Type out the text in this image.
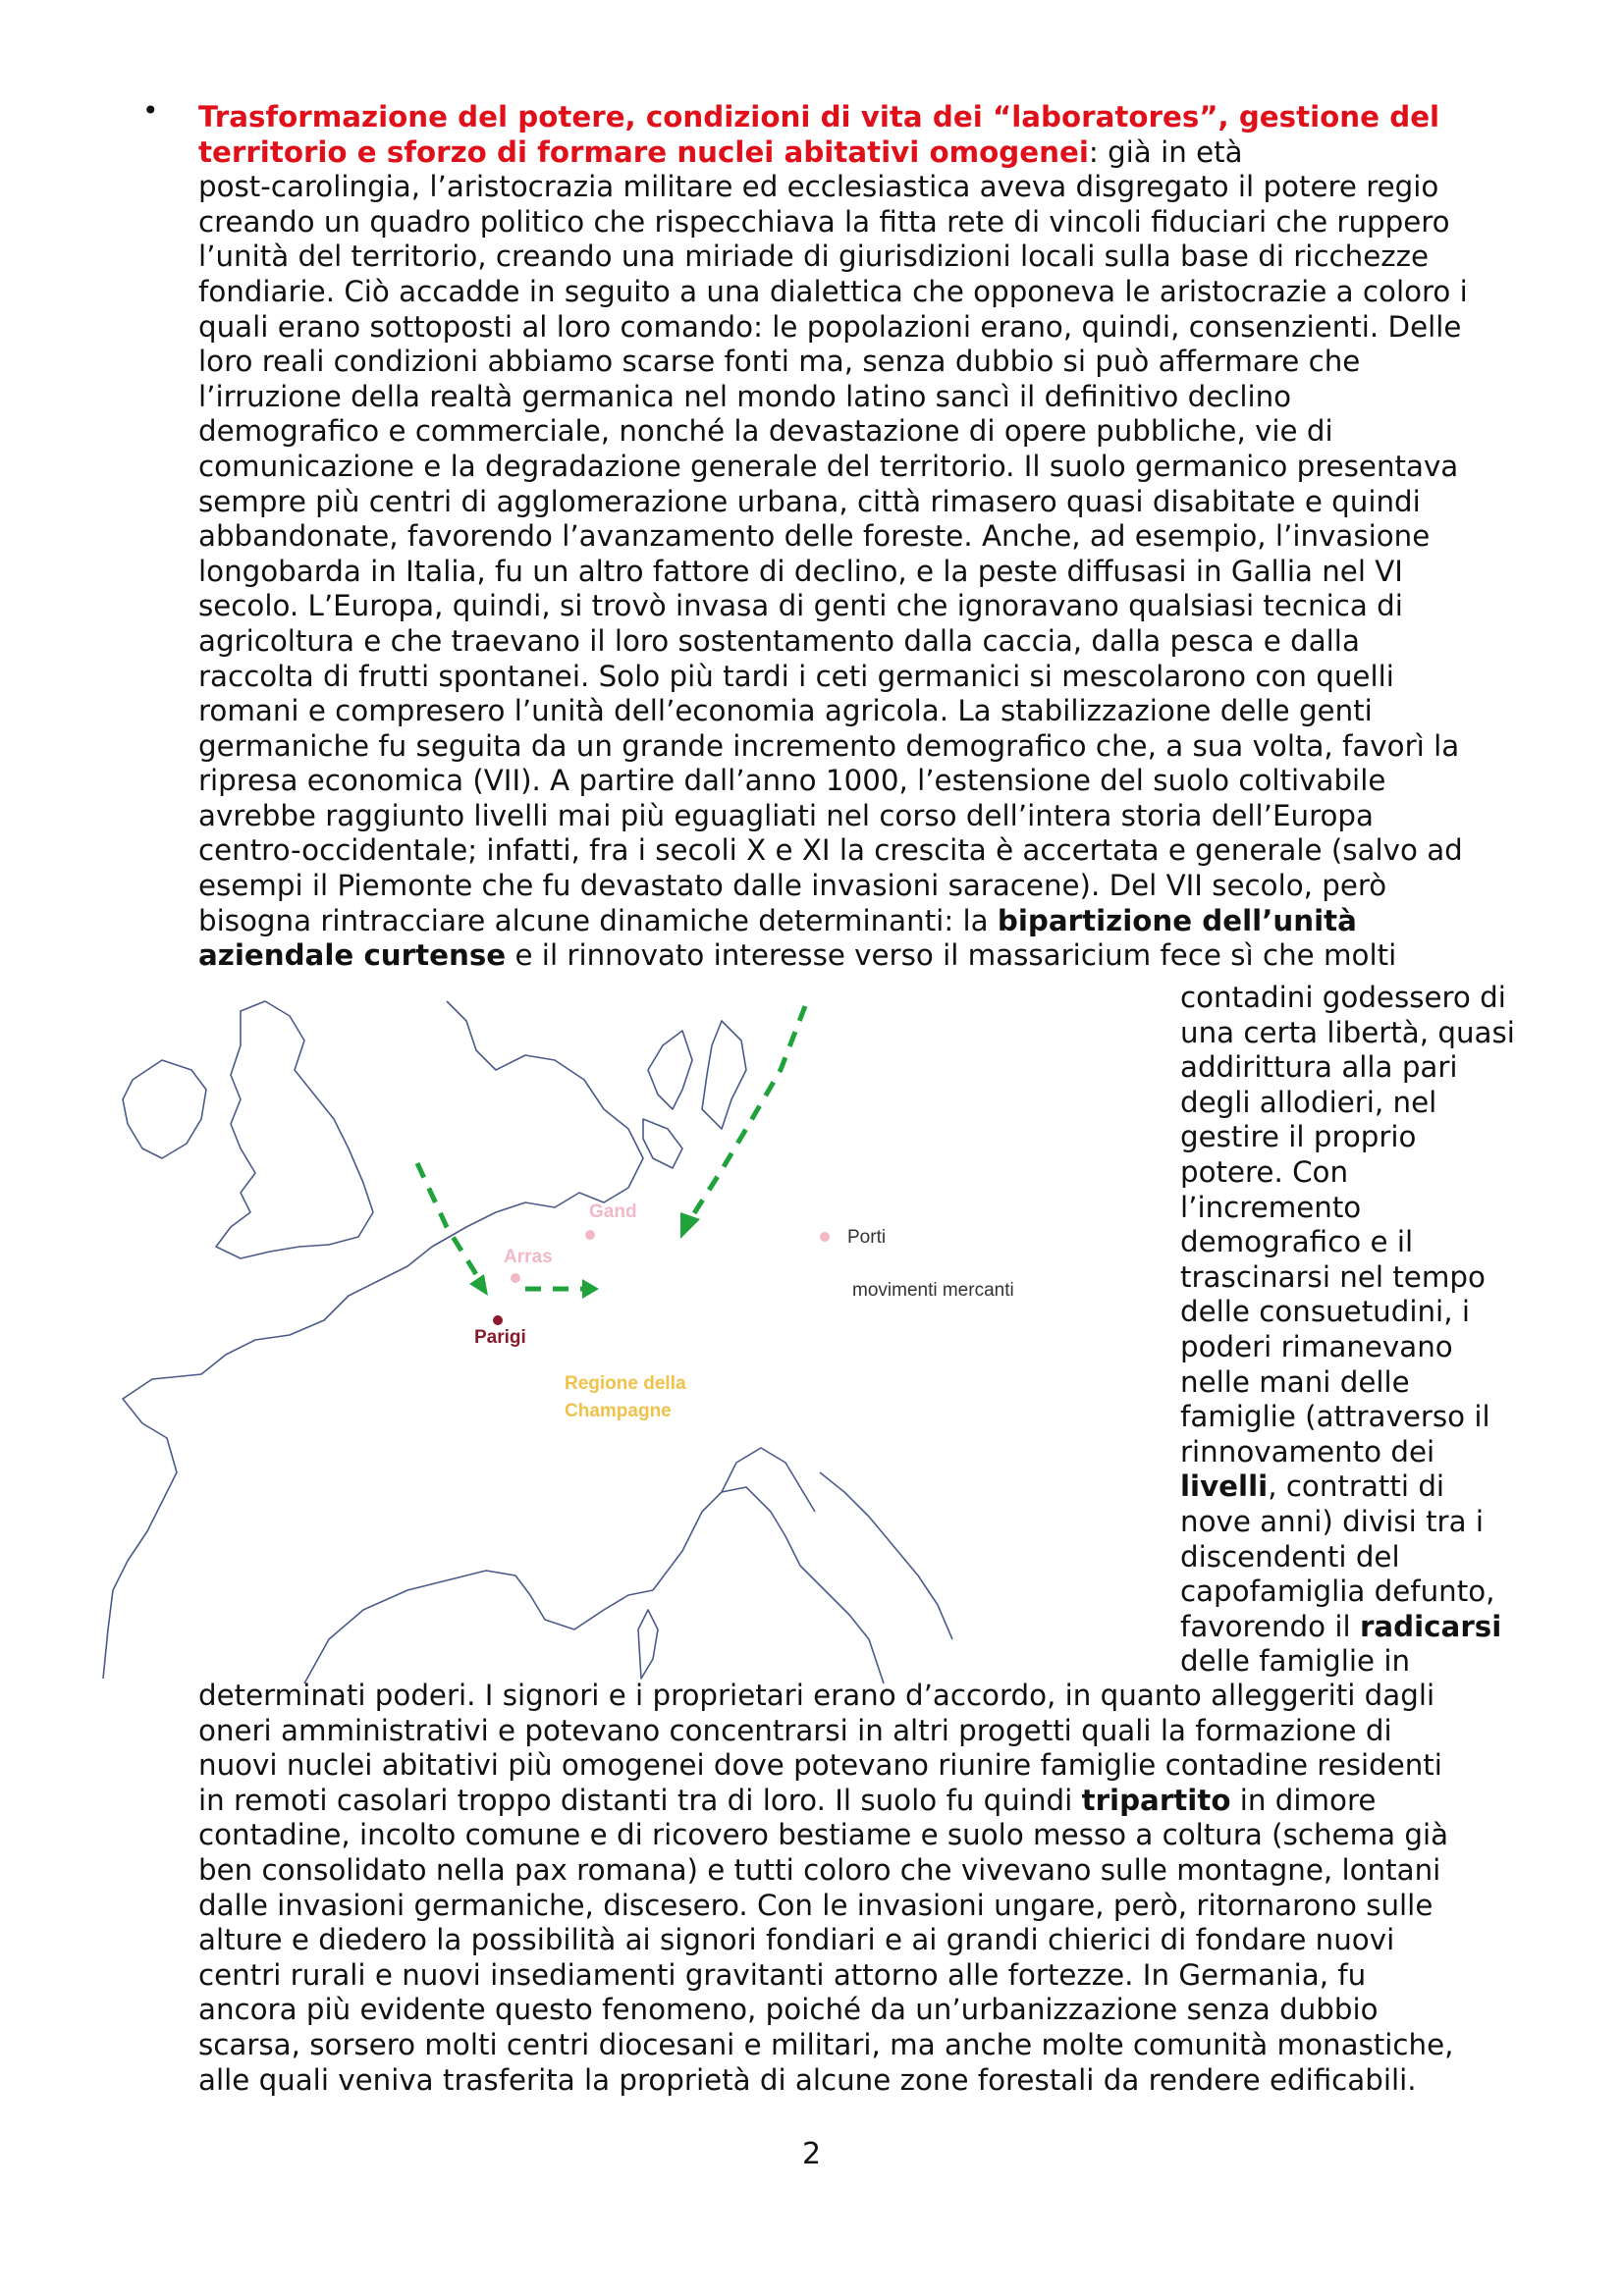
• Trasformazione del potere, condizioni di vita dei “laboratores”, gestione del
territorio e sforzo di formare nuclei abitativi omogenei: già in età
post-carolingia, l’aristocrazia militare ed ecclesiastica aveva disgregato il potere regio
creando un quadro politico che rispecchiava la fitta rete di vincoli fiduciari che ruppero
l’unità del territorio, creando una miriade di giurisdizioni locali sulla base di ricchezze
fondiarie. Ciò accadde in seguito a una dialettica che opponeva le aristocrazie a coloro i
quali erano sottoposti al loro comando: le popolazioni erano, quindi, consenzienti. Delle
loro reali condizioni abbiamo scarse fonti ma, senza dubbio si può affermare che
l’irruzione della realtà germanica nel mondo latino sancì il definitivo declino
demografico e commerciale, nonché la devastazione di opere pubbliche, vie di
comunicazione e la degradazione generale del territorio. Il suolo germanico presentava
sempre più centri di agglomerazione urbana, città rimasero quasi disabitate e quindi
abbandonate, favorendo l’avanzamento delle foreste. Anche, ad esempio, l’invasione
longobarda in Italia, fu un altro fattore di declino, e la peste diffusasi in Gallia nel VI
secolo. L’Europa, quindi, si trovò invasa di genti che ignoravano qualsiasi tecnica di
agricoltura e che traevano il loro sostentamento dalla caccia, dalla pesca e dalla
raccolta di frutti spontanei. Solo più tardi i ceti germanici si mescolarono con quelli
romani e compresero l’unità dell’economia agricola. La stabilizzazione delle genti
germaniche fu seguita da un grande incremento demografico che, a sua volta, favorì la
ripresa economica (VII). A partire dall’anno 1000, l’estensione del suolo coltivabile
avrebbe raggiunto livelli mai più eguagliati nel corso dell’intera storia dell’Europa
centro-occidentale; infatti, fra i secoli X e XI la crescita è accertata e generale (salvo ad
esempi il Piemonte che fu devastato dalle invasioni saracene). Del VII secolo, però
bisogna rintracciare alcune dinamiche determinanti: la bipartizione dell’unità
aziendale curtense e il rinnovato interesse verso il massaricium fece sì che molti
Gand
Arras
Parigi
Regione della
Champagne
Porti
movimenti mercanti
contadini godessero di
una certa libertà, quasi
addirittura alla pari
degli allodieri, nel
gestire il proprio
potere. Con
l’incremento
demografico e il
trascinarsi nel tempo
delle consuetudini, i
poderi rimanevano
nelle mani delle
famiglie (attraverso il
rinnovamento dei
livelli, contratti di
nove anni) divisi tra i
discendenti del
capofamiglia defunto,
favorendo il radicarsi
delle famiglie in
determinati poderi. I signori e i proprietari erano d’accordo, in quanto alleggeriti dagli
oneri amministrativi e potevano concentrarsi in altri progetti quali la formazione di
nuovi nuclei abitativi più omogenei dove potevano riunire famiglie contadine residenti
in remoti casolari troppo distanti tra di loro. Il suolo fu quindi tripartito in dimore
contadine, incolto comune e di ricovero bestiame e suolo messo a coltura (schema già
ben consolidato nella pax romana) e tutti coloro che vivevano sulle montagne, lontani
dalle invasioni germaniche, discesero. Con le invasioni ungare, però, ritornarono sulle
alture e diedero la possibilità ai signori fondiari e ai grandi chierici di fondare nuovi
centri rurali e nuovi insediamenti gravitanti attorno alle fortezze. In Germania, fu
ancora più evidente questo fenomeno, poiché da un’urbanizzazione senza dubbio
scarsa, sorsero molti centri diocesani e militari, ma anche molte comunità monastiche,
alle quali veniva trasferita la proprietà di alcune zone forestali da rendere edificabili.
2
